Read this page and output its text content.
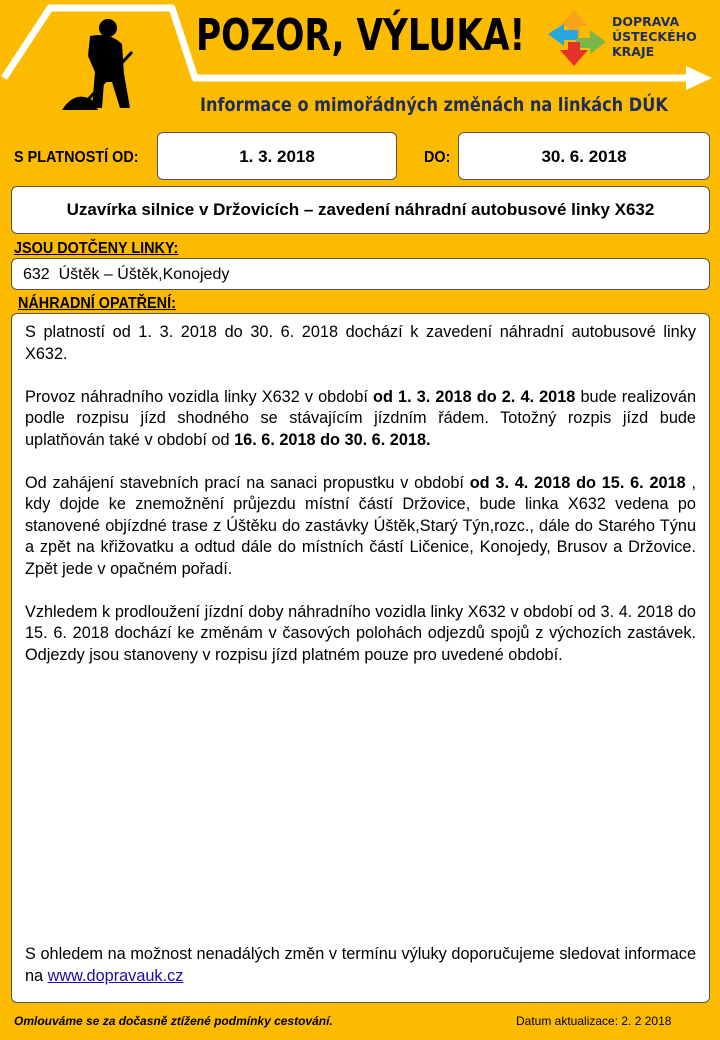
POZOR, VÝLUKA!	DOPRAVA
ÚSTECKÉHO
KRAJE
Informace o mimořádných změnách na linkách DÚK
S PLATNOSTÍ OD:	1. 3. 2018	DO:	30. 6. 2018
Uzavírka silnice v Držovicích – zavedení náhradní autobusové linky X632
JSOU DOTČENY LINKY:
632  Úštěk – Úštěk,Konojedy
NÁHRADNÍ OPATŘENÍ:

S platností od 1. 3. 2018 do 30. 6. 2018 dochází k zavedení náhradní autobusové linky X632.

Provoz náhradního vozidla linky X632 v období od 1. 3. 2018 do 2. 4. 2018 bude realizován podle rozpisu jízd shodného se stávajícím jízdním řádem. Totožný rozpis jízd bude uplatňován také v období od 16. 6. 2018 do 30. 6. 2018.

Od zahájení stavebních prací na sanaci propustku v období od 3. 4. 2018 do 15. 6. 2018 , kdy dojde ke znemožnění průjezdu místní částí Držovice, bude linka X632 vedena po stanovené objízdné trase z Úštěku do zastávky Úštěk,Starý Týn,rozc., dále do Starého Týnu a zpět na křižovatku a odtud dále do místních částí Ličenice, Konojedy, Brusov a Držovice. Zpět jede v opačném pořadí.

Vzhledem k prodloužení jízdní doby náhradního vozidla linky X632 v období od 3. 4. 2018 do 15. 6. 2018 dochází ke změnám v časových polohách odjezdů spojů z výchozích zastávek. Odjezdy jsou stanoveny v rozpisu jízd platném pouze pro uvedené období.

S ohledem na možnost nenadálých změn v termínu výluky doporučujeme sledovat informace na www.dopravauk.cz

Omlouváme se za dočasně ztížené podmínky cestování.	Datum aktualizace: 2. 2 2018
